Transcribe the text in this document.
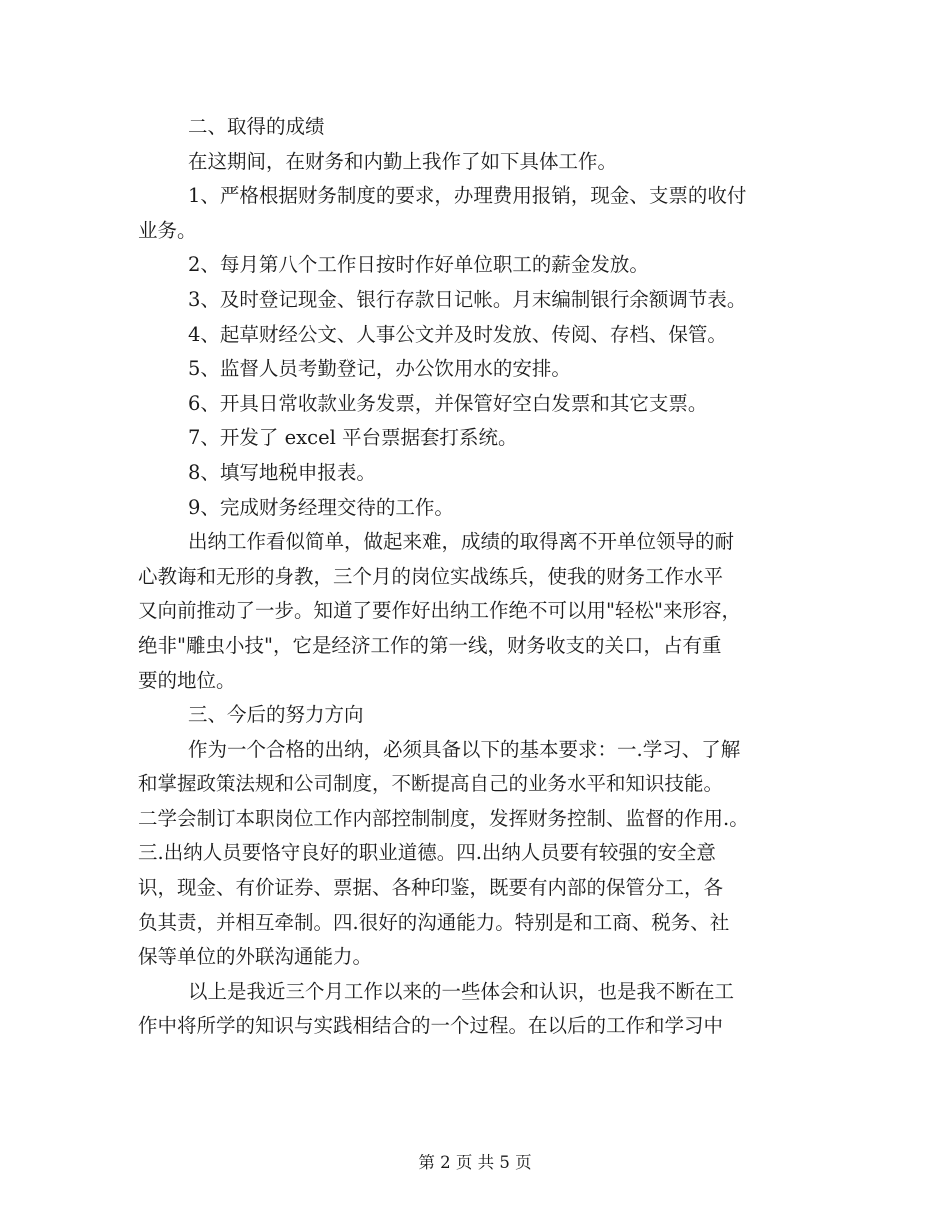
二、取得的成绩
在这期间，在财务和内勤上我作了如下具体工作。
1、严格根据财务制度的要求，办理费用报销，现金、支票的收付
业务。
2、每月第八个工作日按时作好单位职工的薪金发放。
3、及时登记现金、银行存款日记帐。月末编制银行余额调节表。
4、起草财经公文、人事公文并及时发放、传阅、存档、保管。
5、监督人员考勤登记，办公饮用水的安排。
6、开具日常收款业务发票，并保管好空白发票和其它支票。
7、开发了 excel 平台票据套打系统。
8、填写地税申报表。
9、完成财务经理交待的工作。
出纳工作看似简单，做起来难，成绩的取得离不开单位领导的耐
心教诲和无形的身教，三个月的岗位实战练兵，使我的财务工作水平
又向前推动了一步。知道了要作好出纳工作绝不可以用"轻松"来形容，
绝非"雕虫小技"，它是经济工作的第一线，财务收支的关口，占有重
要的地位。
三、今后的努力方向
作为一个合格的出纳，必须具备以下的基本要求：一.学习、了解
和掌握政策法规和公司制度，不断提高自己的业务水平和知识技能。
二学会制订本职岗位工作内部控制制度，发挥财务控制、监督的作用.。
三.出纳人员要恪守良好的职业道德。四.出纳人员要有较强的安全意
识，现金、有价证券、票据、各种印鉴，既要有内部的保管分工，各
负其责，并相互牵制。四.很好的沟通能力。特别是和工商、税务、社
保等单位的外联沟通能力。
以上是我近三个月工作以来的一些体会和认识，也是我不断在工
作中将所学的知识与实践相结合的一个过程。在以后的工作和学习中
第 2 页 共 5 页
